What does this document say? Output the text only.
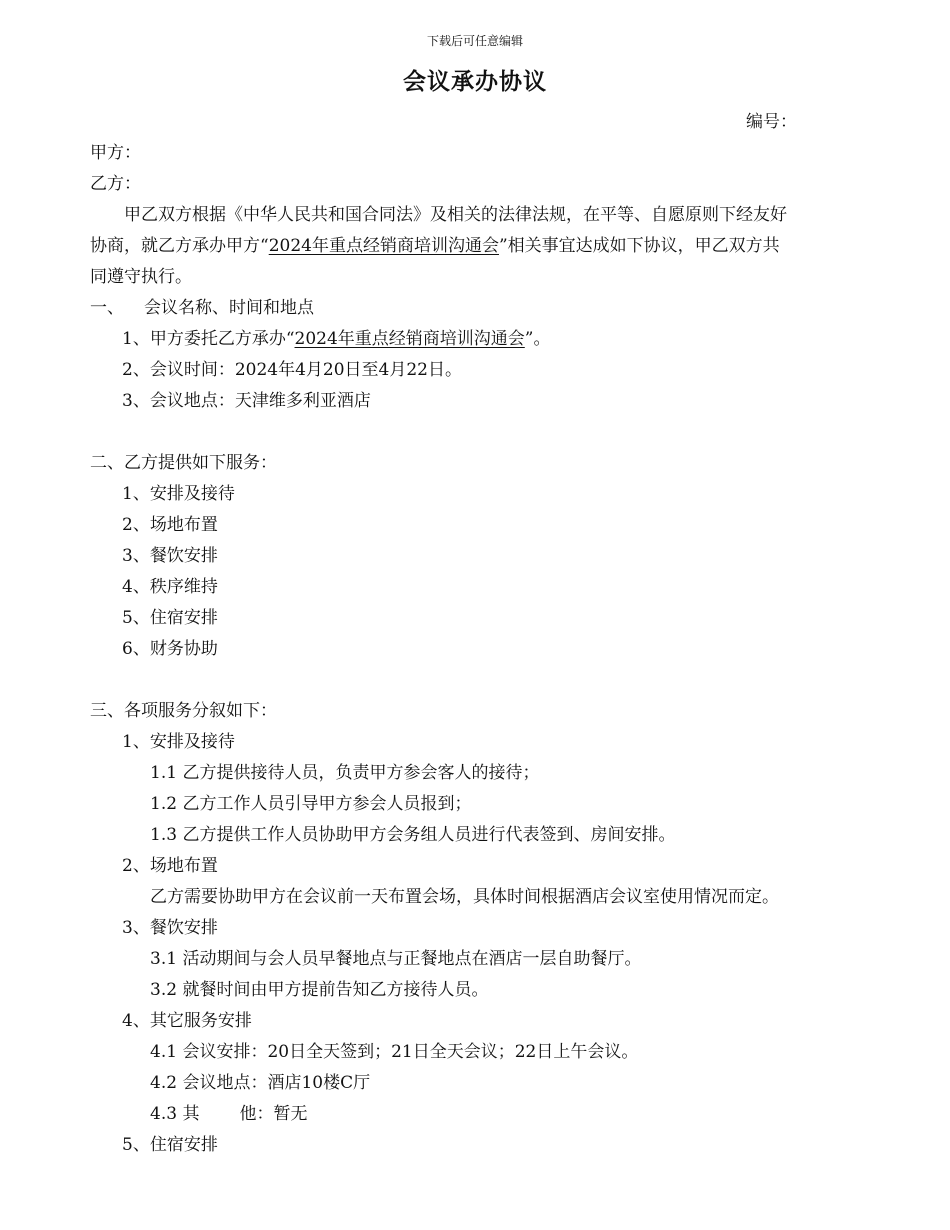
下载后可任意编辑
会议承办协议
编号：
甲方：
乙方：
甲乙双方根据《中华人民共和国合同法》及相关的法律法规，在平等、自愿原则下经友好
协商，就乙方承办甲方“2024年重点经销商培训沟通会”相关事宜达成如下协议，甲乙双方共
同遵守执行。
一、 会议名称、时间和地点
1、甲方委托乙方承办“2024年重点经销商培训沟通会”。
2、会议时间：2024年4月20日至4月22日。
3、会议地点：天津维多利亚酒店
二、乙方提供如下服务：
1、安排及接待
2、场地布置
3、餐饮安排
4、秩序维持
5、住宿安排
6、财务协助
三、各项服务分叙如下：
1、安排及接待
1.1 乙方提供接待人员，负责甲方参会客人的接待；
1.2 乙方工作人员引导甲方参会人员报到；
1.3 乙方提供工作人员协助甲方会务组人员进行代表签到、房间安排。
2、场地布置
乙方需要协助甲方在会议前一天布置会场，具体时间根据酒店会议室使用情况而定。
3、餐饮安排
3.1 活动期间与会人员早餐地点与正餐地点在酒店一层自助餐厅。
3.2 就餐时间由甲方提前告知乙方接待人员。
4、其它服务安排
4.1 会议安排：20日全天签到；21日全天会议；22日上午会议。
4.2 会议地点：酒店10楼C厅
4.3 其 他：暂无
5、住宿安排
